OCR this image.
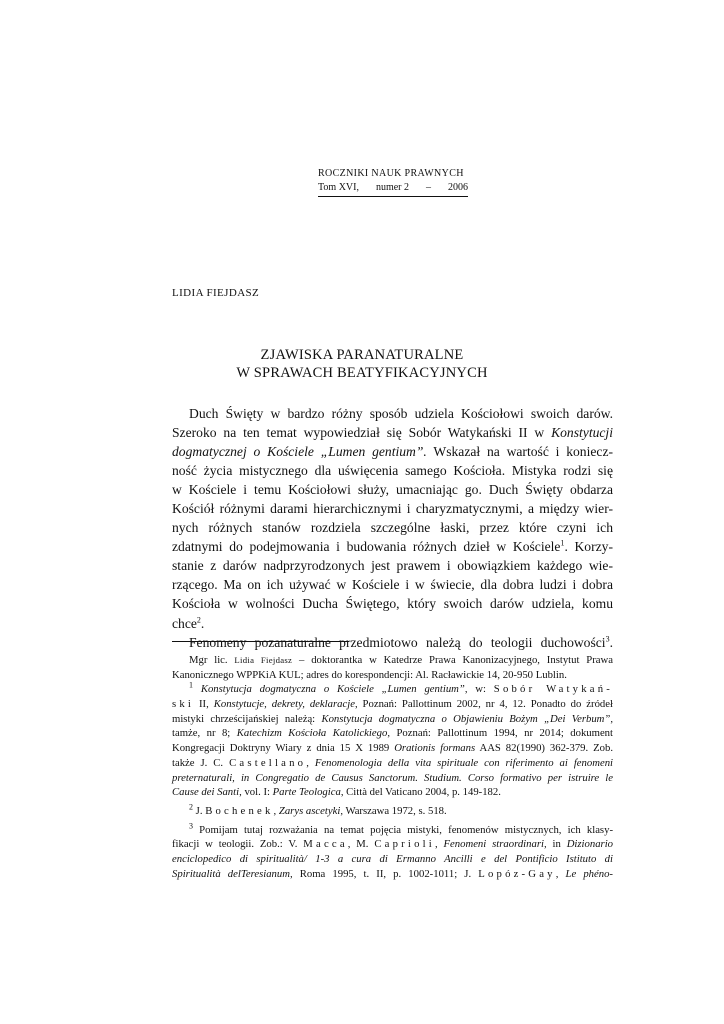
ROCZNIKI NAUK PRAWNYCH
Tom XVI, numer 2 – 2006
LIDIA FIEJDASZ
ZJAWISKA PARANATURALNE
W SPRAWACH BEATYFIKACYJNYCH
Duch Święty w bardzo różny sposób udziela Kościołowi swoich darów.
Szeroko na ten temat wypowiedział się Sobór Watykański II w Konstytucji
dogmatycznej o Kościele „Lumen gentium”. Wskazał na wartość i koniecz-
ność życia mistycznego dla uświęcenia samego Kościoła. Mistyka rodzi się
w Kościele i temu Kościołowi służy, umacniając go. Duch Święty obdarza
Kościół różnymi darami hierarchicznymi i charyzmatycznymi, a między wier-
nych różnych stanów rozdziela szczególne łaski, przez które czyni ich
zdatnymi do podejmowania i budowania różnych dzieł w Kościele$^1$. Korzy-
stanie z darów nadprzyrodzonych jest prawem i obowiązkiem każdego wie-
rzącego. Ma on ich używać w Kościele i w świecie, dla dobra ludzi i dobra
Kościoła w wolności Ducha Świętego, który swoich darów udziela, komu
chce$^2$.
Fenomeny pozanaturalne przedmiotowo należą do teologii duchowości$^3$.
Mgr lic. Lidia Fiejdasz – doktorantka w Katedrze Prawa Kanonizacyjnego, Instytut Prawa
Kanonicznego WPPKiA KUL; adres do korespondencji: Al. Racławickie 14, 20-950 Lublin.
$^1$ Konstytucja dogmatyczna o Kościele „Lumen gentium”, w: Sobór Watykań-
ski II, Konstytucje, dekrety, deklaracje, Poznań: Pallottinum 2002, nr 4, 12. Ponadto do źródeł
mistyki chrześcijańskiej należą: Konstytucja dogmatyczna o Objawieniu Bożym „Dei Verbum”,
tamże, nr 8; Katechizm Kościoła Katolickiego, Poznań: Pallottinum 1994, nr 2014; dokument
Kongregacji Doktryny Wiary z dnia 15 X 1989 Orationis formans AAS 82(1990) 362-379. Zob.
także J. C. Castellano, Fenomenologia della vita spirituale con riferimento ai fenomeni
preternaturali, in Congregatio de Causus Sanctorum. Studium. Corso formativo per istruire le
Cause dei Santi, vol. I: Parte Teologica, Città del Vaticano 2004, p. 149-182.
$^2$ J. Bochenek, Zarys ascetyki, Warszawa 1972, s. 518.
$^3$ Pomijam tutaj rozważania na temat pojęcia mistyki, fenomenów mistycznych, ich klasy-
fikacji w teologii. Zob.: V. Macca, M. Caprioli, Fenomeni straordinari, in Dizionario
enciclopedico di spiritualità/ 1-3 a cura di Ermanno Ancilli e del Pontificio Istituto di
Spiritualità delTeresianum, Roma 1995, t. II, p. 1002-1011; J. Lopóz-Gay, Le phéno-
